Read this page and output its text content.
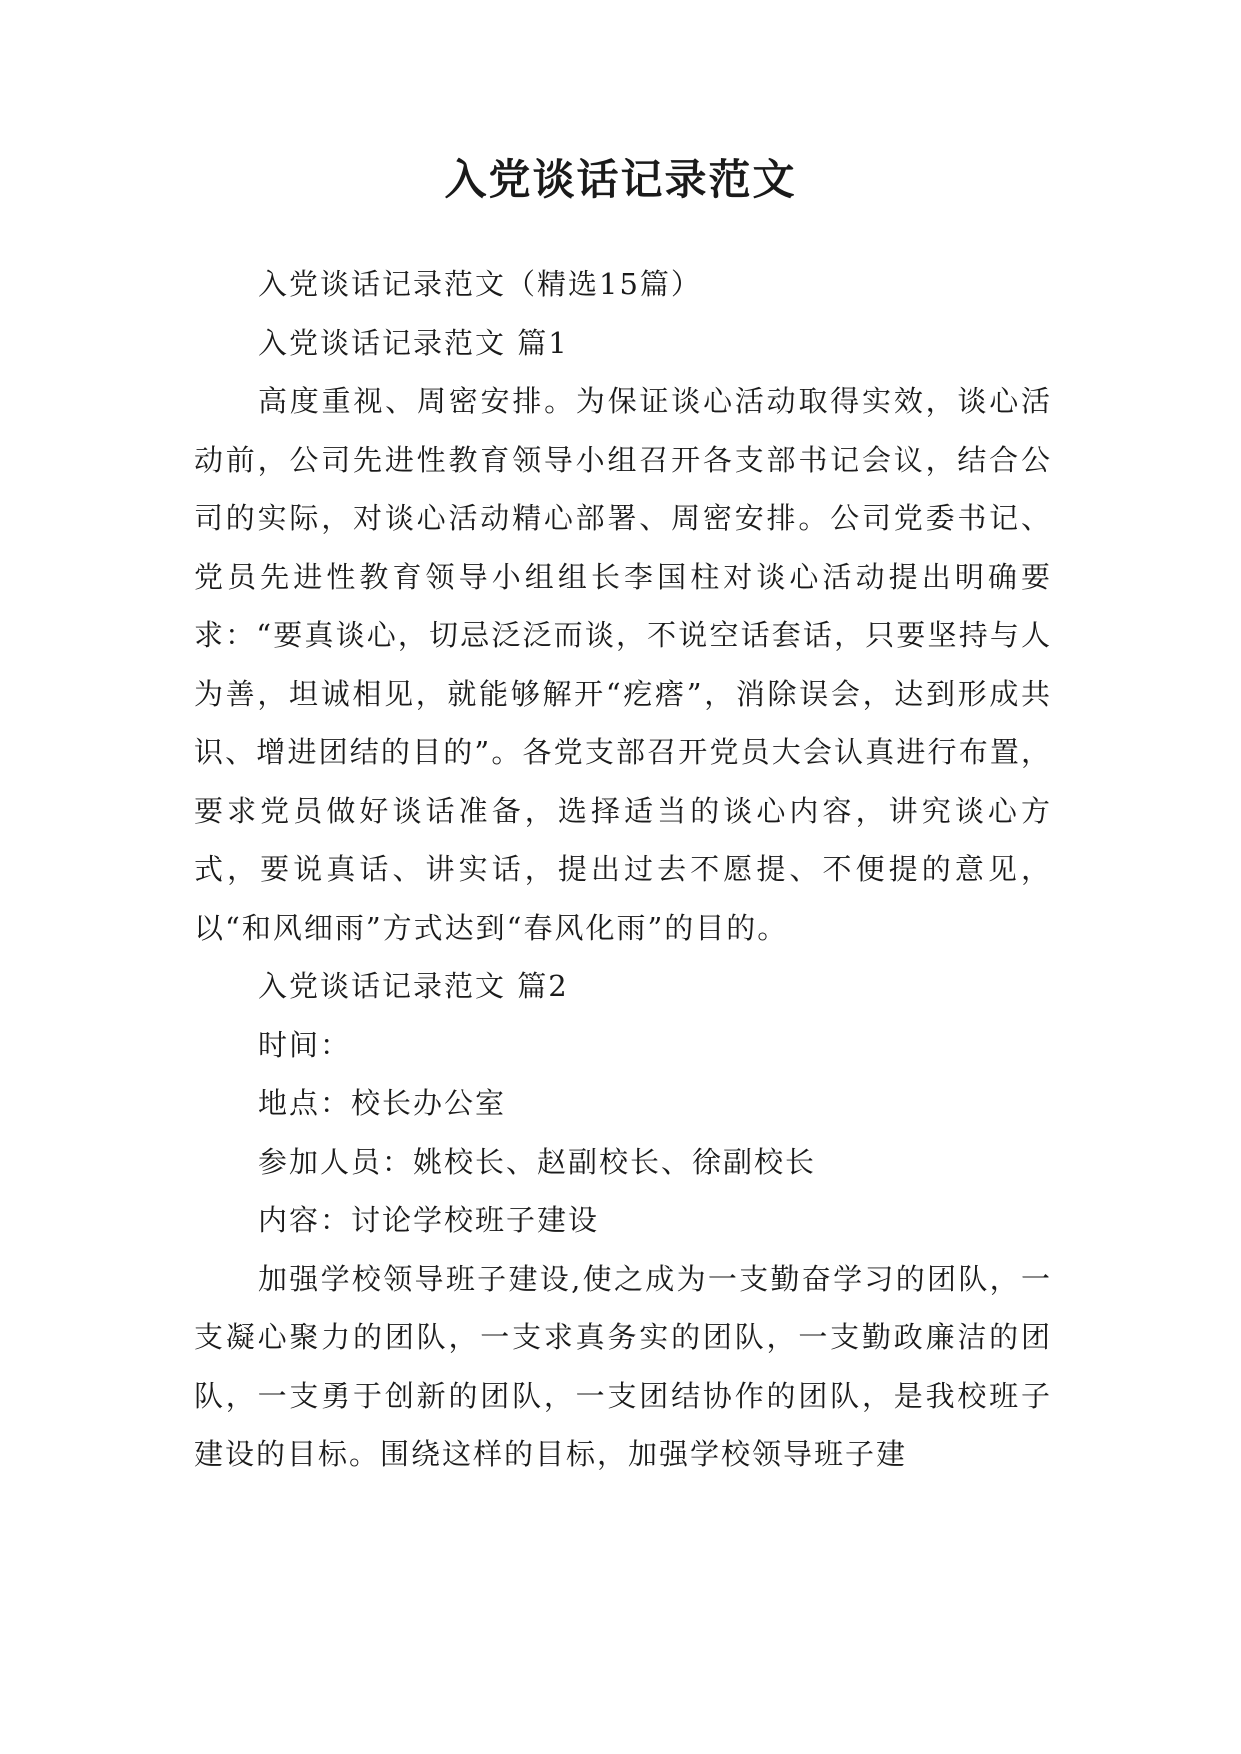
入党谈话记录范文

入党谈话记录范文（精选15篇）

入党谈话记录范文 篇1

高度重视、周密安排。为保证谈心活动取得实效，谈心活动前，公司先进性教育领导小组召开各支部书记会议，结合公司的实际，对谈心活动精心部署、周密安排。公司党委书记、党员先进性教育领导小组组长李国柱对谈心活动提出明确要求：“要真谈心，切忌泛泛而谈，不说空话套话，只要坚持与人为善，坦诚相见，就能够解开“疙瘩”，消除误会，达到形成共识、增进团结的目的”。各党支部召开党员大会认真进行布置，要求党员做好谈话准备，选择适当的谈心内容，讲究谈心方式，要说真话、讲实话，提出过去不愿提、不便提的意见，以“和风细雨”方式达到“春风化雨”的目的。

入党谈话记录范文 篇2

时间：

地点：校长办公室

参加人员：姚校长、赵副校长、徐副校长

内容：讨论学校班子建设

加强学校领导班子建设,使之成为一支勤奋学习的团队，一支凝心聚力的团队，一支求真务实的团队，一支勤政廉洁的团队，一支勇于创新的团队，一支团结协作的团队，是我校班子建设的目标。围绕这样的目标，加强学校领导班子建
